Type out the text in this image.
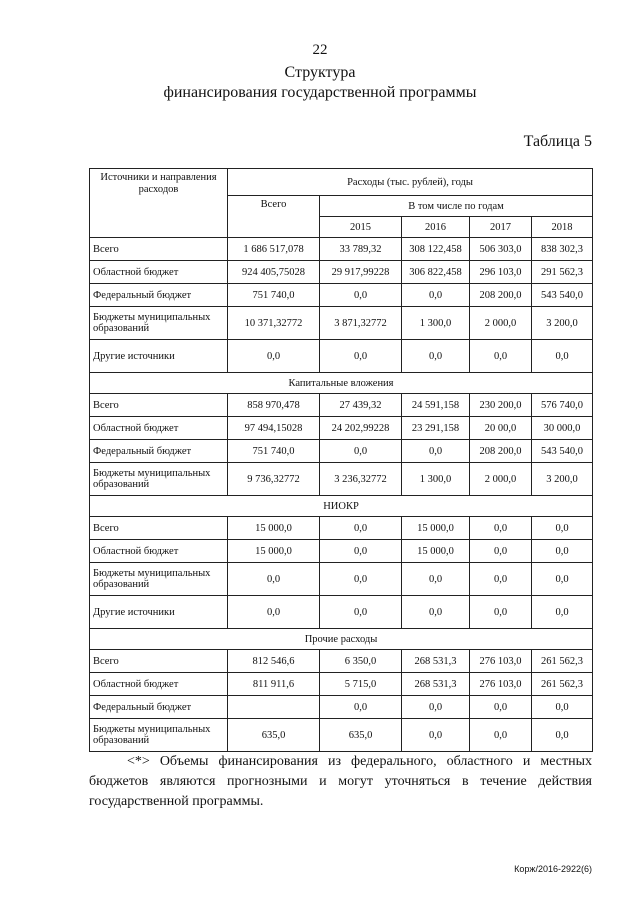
22
Структура
финансирования государственной программы
Таблица 5
Источники и направления расходов	Расходы (тыс. рублей), годы				
	Всего	В том числе по годам			
		2015	2016	2017	2018
Всего	1 686 517,078	33 789,32	308 122,458	506 303,0	838 302,3
Областной бюджет	924 405,75028	29 917,99228	306 822,458	296 103,0	291 562,3
Федеральный бюджет	751 740,0	0,0	0,0	208 200,0	543 540,0
Бюджеты муниципальных образований	10 371,32772	3 871,32772	1 300,0	2 000,0	3 200,0
Другие источники	0,0	0,0	0,0	0,0	0,0
Капитальные вложения					
Всего	858 970,478	27 439,32	24 591,158	230 200,0	576 740,0
Областной бюджет	97 494,15028	24 202,99228	23 291,158	20 00,0	30 000,0
Федеральный бюджет	751 740,0	0,0	0,0	208 200,0	543 540,0
Бюджеты муниципальных образований	9 736,32772	3 236,32772	1 300,0	2 000,0	3 200,0
НИОКР					
Всего	15 000,0	0,0	15 000,0	0,0	0,0
Областной бюджет	15 000,0	0,0	15 000,0	0,0	0,0
Бюджеты муниципальных образований	0,0	0,0	0,0	0,0	0,0
Другие источники	0,0	0,0	0,0	0,0	0,0
Прочие расходы					
Всего	812 546,6	6 350,0	268 531,3	276 103,0	261 562,3
Областной бюджет	811 911,6	5 715,0	268 531,3	276 103,0	261 562,3
Федеральный бюджет		0,0	0,0	0,0	0,0
Бюджеты муниципальных образований	635,0	635,0	0,0	0,0	0,0
<*> Объемы финансирования из федерального, областного и местных бюджетов являются прогнозными и могут уточняться в течение действия государственной программы.
Корж/2016-2922(6)
